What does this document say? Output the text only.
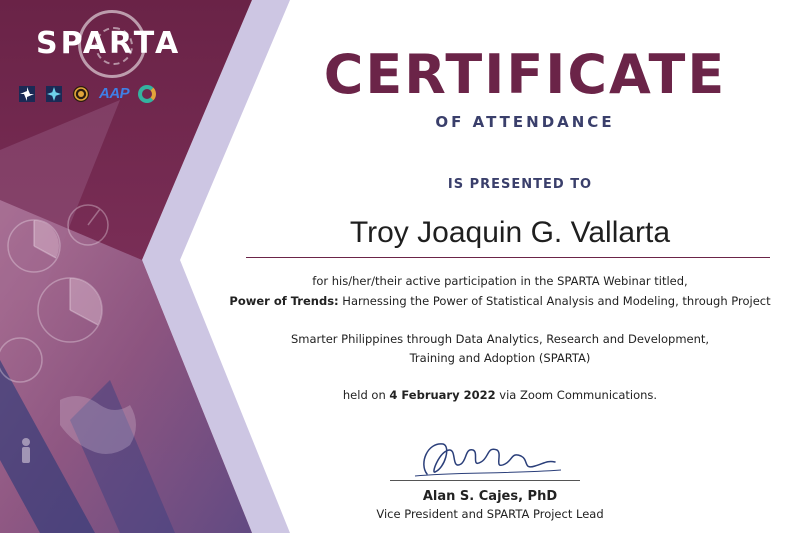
SPARTA
AAP	CERTIFICATE
OF ATTENDANCE
IS PRESENTED TO
Troy Joaquin G. Vallarta
for his/her/their active participation in the SPARTA Webinar titled,
Power of Trends: Harnessing the Power of Statistical Analysis and Modeling, through Project
Smarter Philippines through Data Analytics, Research and Development,
Training and Adoption (SPARTA)
held on 4 February 2022 via Zoom Communications.
Alan S. Cajes, PhD
Vice President and SPARTA Project Lead
